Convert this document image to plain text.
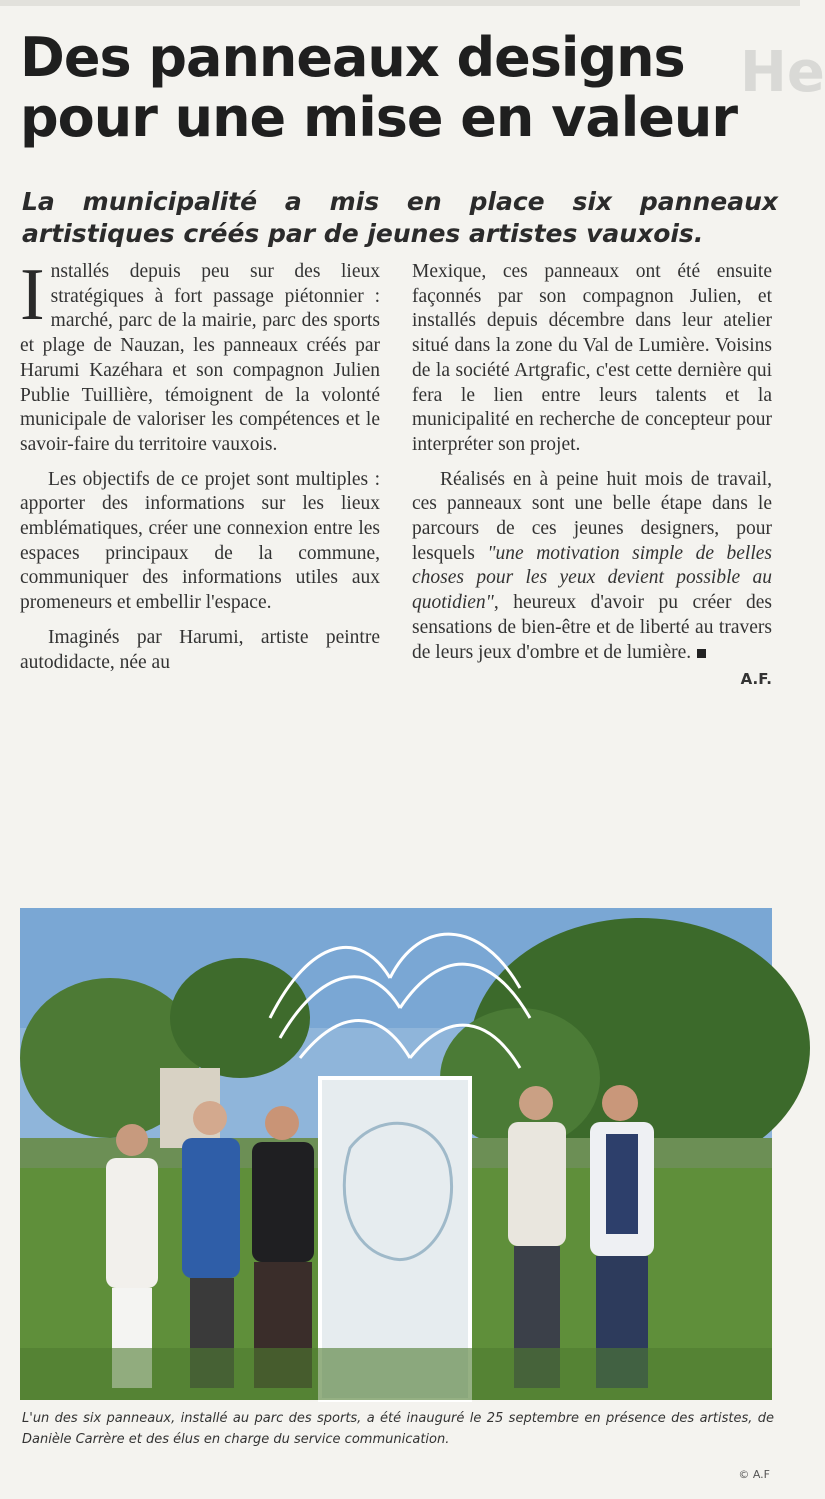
He
Des panneaux designs
pour une mise en valeur

La municipalité a mis en place six panneaux artistiques créés par de jeunes artistes vauxois.

Installés depuis peu sur des lieux stratégiques à fort passage piétonnier : marché, parc de la mairie, parc des sports et plage de Nauzan, les panneaux créés par Harumi Kazéhara et son compagnon Julien Publie Tuillière, témoignent de la volonté municipale de valoriser les compétences et le savoir-faire du territoire vauxois.

Les objectifs de ce projet sont multiples : apporter des informations sur les lieux emblématiques, créer une connexion entre les espaces principaux de la commune, communiquer des informations utiles aux promeneurs et embellir l'espace.

Imaginés par Harumi, artiste peintre autodidacte, née au

Mexique, ces panneaux ont été ensuite façonnés par son compagnon Julien, et installés depuis décembre dans leur atelier situé dans la zone du Val de Lumière. Voisins de la société Artgrafic, c'est cette dernière qui fera le lien entre leurs talents et la municipalité en recherche de concepteur pour interpréter son projet.

Réalisés en à peine huit mois de travail, ces panneaux sont une belle étape dans le parcours de ces jeunes designers, pour lesquels "une motivation simple de belles choses pour les yeux devient possible au quotidien", heureux d'avoir pu créer des sensations de bien-être et de liberté au travers de leurs jeux d'ombre et de lumière.
A.F.

L'un des six panneaux, installé au parc des sports, a été inauguré le 25 septembre en présence des artistes, de Danièle Carrère et des élus en charge du service communication.

© A.F
